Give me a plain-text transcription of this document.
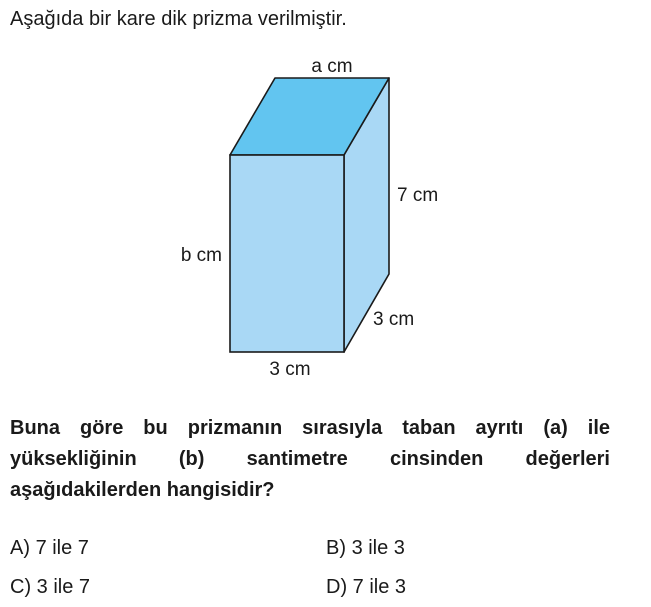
Aşağıda bir kare dik prizma verilmiştir.
a cm
7 cm
b cm
3 cm
3 cm
Buna göre bu prizmanın sırasıyla taban ayrıtı (a) ile yüksekliğinin (b) santimetre cinsinden değerleri aşağıdakilerden hangisidir?
A) 7 ile 7	B) 3 ile 3
C) 3 ile 7	D) 7 ile 3
